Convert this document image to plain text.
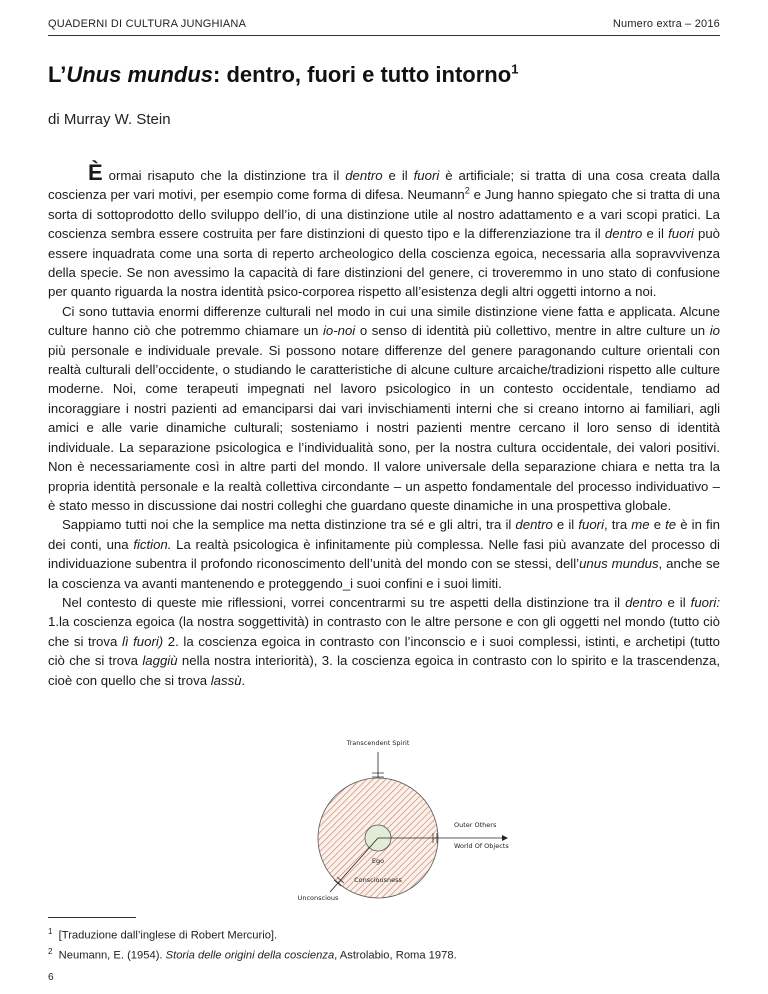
QUADERNI DI CULTURA JUNGHIANA	Numero extra – 2016
L’Unus mundus: dentro, fuori e tutto intorno$^1$
di Murray W. Stein

È ormai risaputo che la distinzione tra il dentro e il fuori è artificiale; si tratta di una cosa creata dalla coscienza per vari motivi, per esempio come forma di difesa. Neumann$^2$ e Jung hanno spiegato che si tratta di una sorta di sottoprodotto dello sviluppo dell’io, di una distinzione utile al nostro adattamento e a vari scopi pratici. La coscienza sembra essere costruita per fare distinzioni di questo tipo e la differenziazione tra il dentro e il fuori può essere inquadrata come una sorta di reperto archeologico della coscienza egoica, necessaria alla sopravvivenza della specie. Se non avessimo la capacità di fare distinzioni del genere, ci troveremmo in uno stato di confusione per quanto riguarda la nostra identità psico-corporea rispetto all’esistenza degli altri oggetti intorno a noi.

Ci sono tuttavia enormi differenze culturali nel modo in cui una simile distinzione viene fatta e applicata. Alcune culture hanno ciò che potremmo chiamare un io-noi o senso di identità più collettivo, mentre in altre culture un io più personale e individuale prevale. Si possono notare differenze del genere paragonando culture orientali con realtà culturali dell’occidente, o studiando le caratteristiche di alcune culture arcaiche/tradizioni rispetto alle culture moderne. Noi, come terapeuti impegnati nel lavoro psicologico in un contesto occidentale, tendiamo ad incoraggiare i nostri pazienti ad emanciparsi dai vari invischiamenti interni che si creano intorno ai familiari, agli amici e alle varie dinamiche culturali; sosteniamo i nostri pazienti mentre cercano il loro senso di identità individuale. La separazione psicologica e l’individualità sono, per la nostra cultura occidentale, dei valori positivi. Non è necessariamente così in altre parti del mondo. Il valore universale della separazione chiara e netta tra la propria identità personale e la realtà collettiva circondante – un aspetto fondamentale del processo individuativo – è stato messo in discussione dai nostri colleghi che guardano queste dinamiche in una prospettiva globale.

Sappiamo tutti noi che la semplice ma netta distinzione tra sé e gli altri, tra il dentro e il fuori, tra me e te è in fin dei conti, una fiction. La realtà psicologica è infinitamente più complessa. Nelle fasi più avanzate del processo di individuazione subentra il profondo riconoscimento dell’unità del mondo con se stessi, dell’unus mundus, anche se la coscienza va avanti mantenendo e proteggendo_i suoi confini e i suoi limiti.

Nel contesto di queste mie riflessioni, vorrei concentrarmi su tre aspetti della distinzione tra il dentro e il fuori: 1.la coscienza egoica (la nostra soggettività) in contrasto con le altre persone e con gli oggetti nel mondo (tutto ciò che si trova lì fuori) 2. la coscienza egoica in contrasto con l’inconscio e i suoi complessi, istinti, e archetipi (tutto ciò che si trova laggiù nella nostra interiorità), 3. la coscienza egoica in contrasto con lo spirito e la trascendenza, cioè con quello che si trova lassù.

Transcendent Spirit
Outer Others
World Of Objects
Ego
Consciousness
Unconscious
$^1$ [Traduzione dall’inglese di Robert Mercurio].
$^2$ Neumann, E. (1954). Storia delle origini della coscienza, Astrolabio, Roma 1978.
6
